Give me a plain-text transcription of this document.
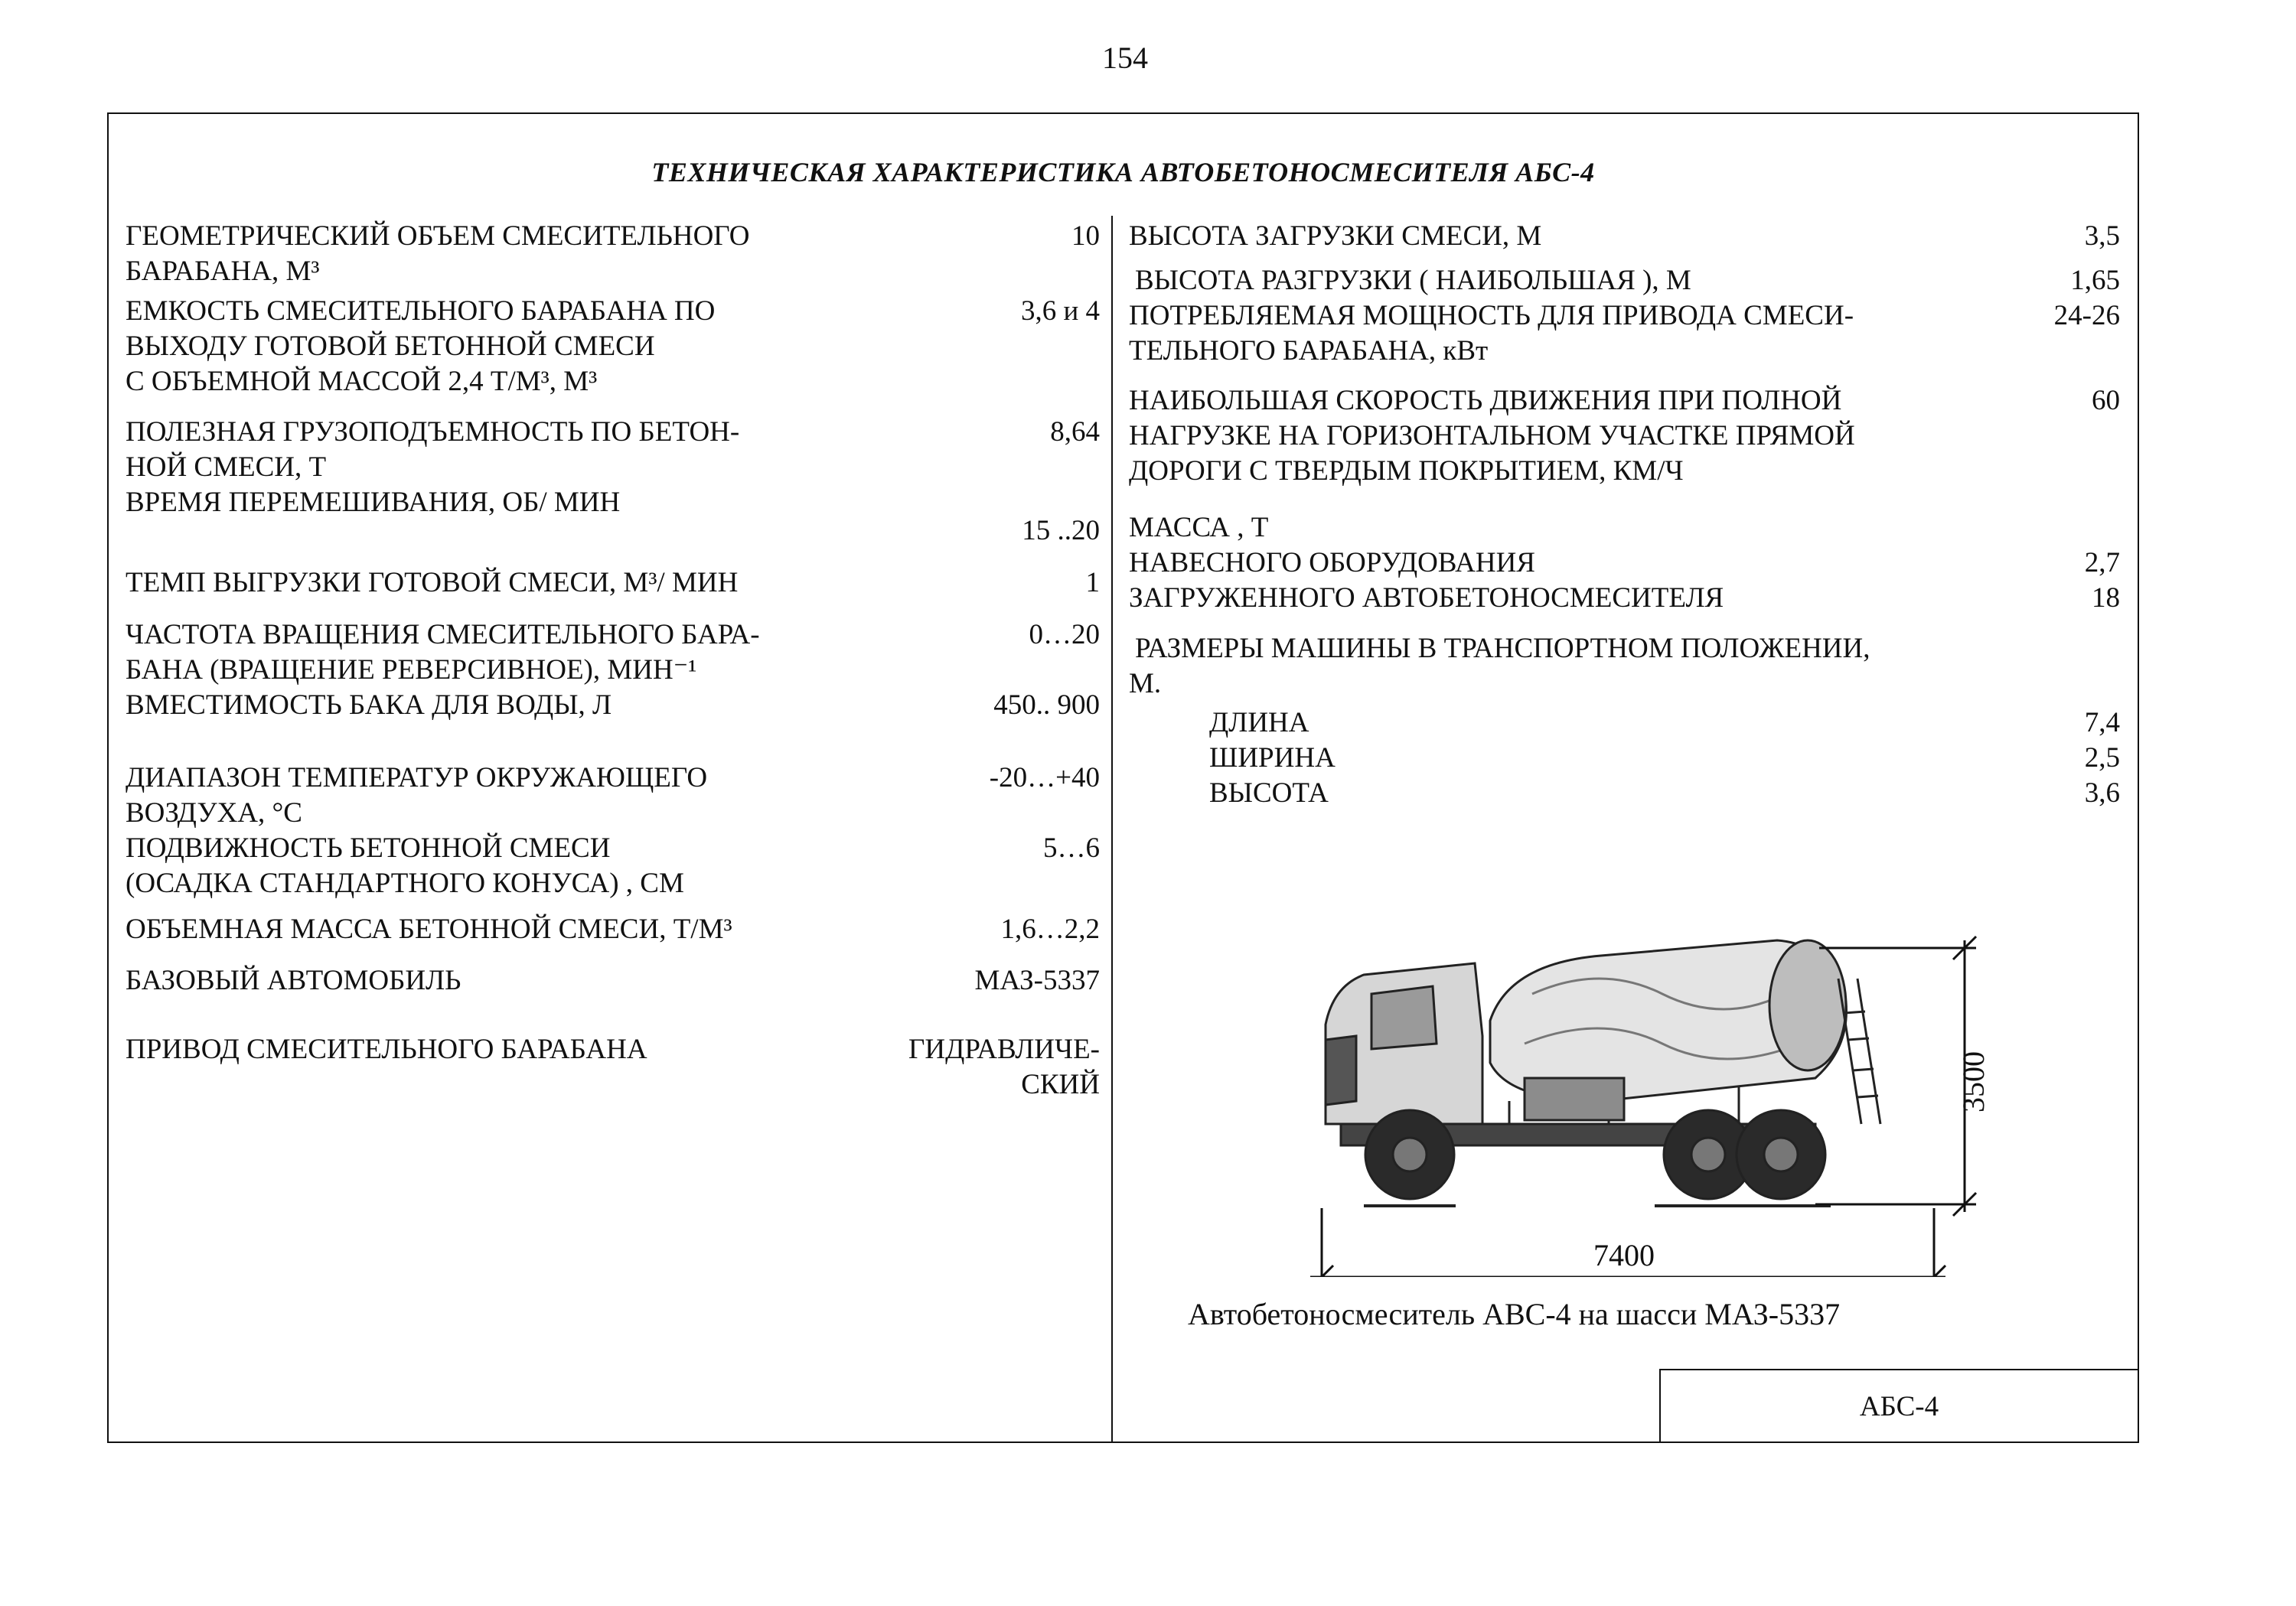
154
ТЕХНИЧЕСКАЯ ХАРАКТЕРИСТИКА АВТОБЕТОНОСМЕСИТЕЛЯ АБС-4
ГЕОМЕТРИЧЕСКИЙ ОБЪЕМ СМЕСИТЕЛЬНОГО	10
БАРАБАНА, М³
ЕМКОСТЬ СМЕСИТЕЛЬНОГО БАРАБАНА ПО	3,6 и 4
ВЫХОДУ ГОТОВОЙ БЕТОННОЙ СМЕСИ
С ОБЪЕМНОЙ МАССОЙ 2,4 Т/М³, М³
ПОЛЕЗНАЯ ГРУЗОПОДЪЕМНОСТЬ ПО БЕТОН-	8,64
НОЙ СМЕСИ, Т
ВРЕМЯ ПЕРЕМЕШИВАНИЯ, ОБ/ МИН
15 ..20
ТЕМП ВЫГРУЗКИ ГОТОВОЙ СМЕСИ, М³/ МИН	1
ЧАСТОТА ВРАЩЕНИЯ СМЕСИТЕЛЬНОГО БАРА-	0…20
БАНА (ВРАЩЕНИЕ РЕВЕРСИВНОЕ), МИН⁻¹
ВМЕСТИМОСТЬ БАКА ДЛЯ ВОДЫ, Л	450.. 900
ДИАПАЗОН ТЕМПЕРАТУР ОКРУЖАЮЩЕГО	-20…+40
ВОЗДУХА, °С
ПОДВИЖНОСТЬ БЕТОННОЙ СМЕСИ	5…6
(ОСАДКА СТАНДАРТНОГО КОНУСА) , СМ
ОБЪЕМНАЯ МАССА БЕТОННОЙ СМЕСИ, Т/М³	1,6…2,2
БАЗОВЫЙ АВТОМОБИЛЬ	МАЗ-5337
ПРИВОД СМЕСИТЕЛЬНОГО БАРАБАНА	ГИДРАВЛИЧЕ-
СКИЙ
ВЫСОТА ЗАГРУЗКИ СМЕСИ, М	3,5
ВЫСОТА РАЗГРУЗКИ ( НАИБОЛЬШАЯ ), М	1,65
ПОТРЕБЛЯЕМАЯ МОЩНОСТЬ ДЛЯ ПРИВОДА СМЕСИ-	24-26
ТЕЛЬНОГО БАРАБАНА, кВт
НАИБОЛЬШАЯ СКОРОСТЬ ДВИЖЕНИЯ ПРИ ПОЛНОЙ	60
НАГРУЗКЕ НА ГОРИЗОНТАЛЬНОМ УЧАСТКЕ ПРЯМОЙ
ДОРОГИ С ТВЕРДЫМ ПОКРЫТИЕМ, КМ/Ч
МАССА , Т
НАВЕСНОГО ОБОРУДОВАНИЯ	2,7
ЗАГРУЖЕННОГО АВТОБЕТОНОСМЕСИТЕЛЯ	18
РАЗМЕРЫ МАШИНЫ В ТРАНСПОРТНОМ ПОЛОЖЕНИИ,
М.
ДЛИНА	7,4
ШИРИНА	2,5
ВЫСОТА	3,6
3500
7400
Автобетоносмеситель АВС-4 на шасси МАЗ-5337
АБС-4
